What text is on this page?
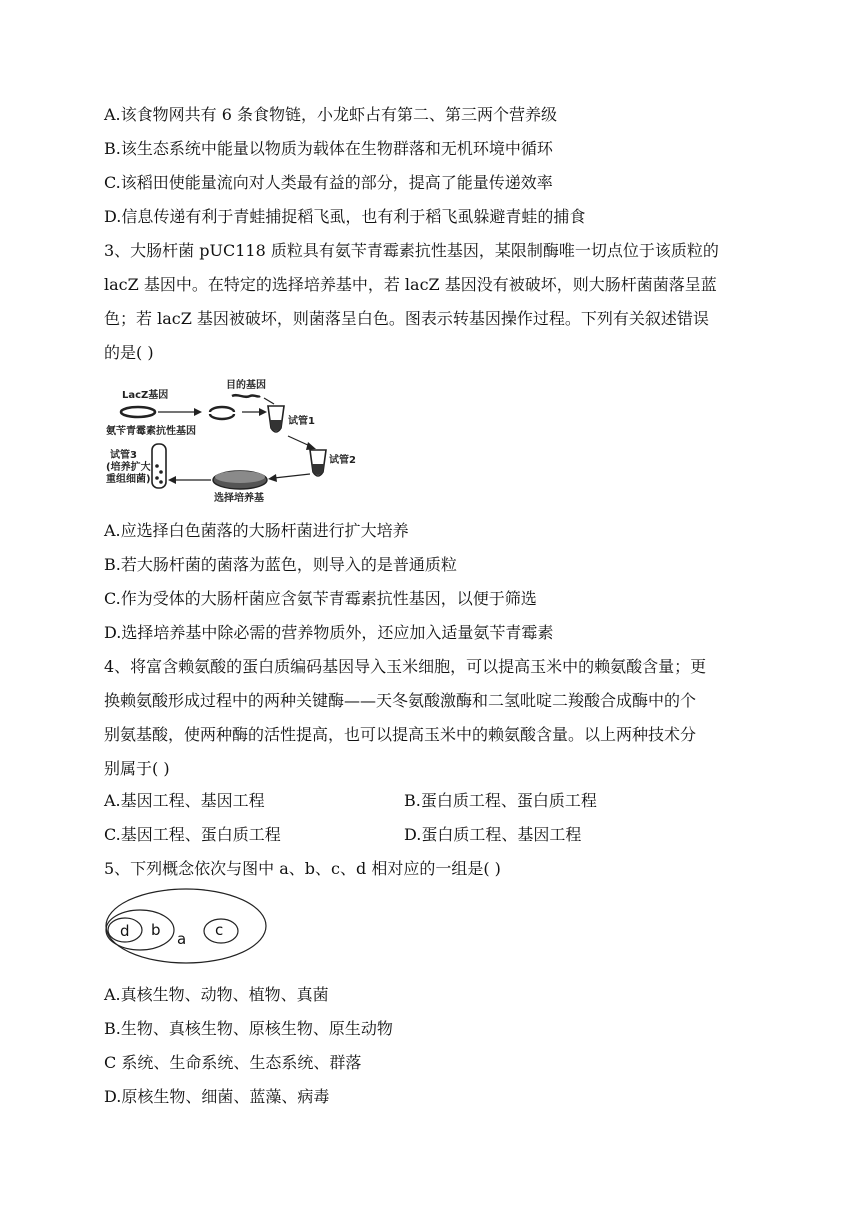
A.该食物网共有 6 条食物链，小龙虾占有第二、第三两个营养级
B.该生态系统中能量以物质为载体在生物群落和无机环境中循环
C.该稻田使能量流向对人类最有益的部分，提高了能量传递效率
D.信息传递有利于青蛙捕捉稻飞虱，也有利于稻飞虱躲避青蛙的捕食
3、大肠杆菌 pUC118 质粒具有氨苄青霉素抗性基因，某限制酶唯一切点位于该质粒的
lacZ 基因中。在特定的选择培养基中，若 lacZ 基因没有被破坏，则大肠杆菌菌落呈蓝
色；若 lacZ 基因被破坏，则菌落呈白色。图表示转基因操作过程。下列有关叙述错误
的是( )
LacZ基因
氨苄青霉素抗性基因
目的基因
试管1
试管2
选择培养基
试管3
(培养扩大
重组细菌)
A.应选择白色菌落的大肠杆菌进行扩大培养
B.若大肠杆菌的菌落为蓝色，则导入的是普通质粒
C.作为受体的大肠杆菌应含氨苄青霉素抗性基因，以便于筛选
D.选择培养基中除必需的营养物质外，还应加入适量氨苄青霉素
4、将富含赖氨酸的蛋白质编码基因导入玉米细胞，可以提高玉米中的赖氨酸含量；更
换赖氨酸形成过程中的两种关键酶——天冬氨酸激酶和二氢吡啶二羧酸合成酶中的个
别氨基酸，使两种酶的活性提高，也可以提高玉米中的赖氨酸含量。以上两种技术分
别属于( )
A.基因工程、基因工程	B.蛋白质工程、蛋白质工程
C.基因工程、蛋白质工程	D.蛋白质工程、基因工程
5、下列概念依次与图中 a、b、c、d 相对应的一组是( )
d b a c
A.真核生物、动物、植物、真菌
B.生物、真核生物、原核生物、原生动物
C 系统、生命系统、生态系统、群落
D.原核生物、细菌、蓝藻、病毒
